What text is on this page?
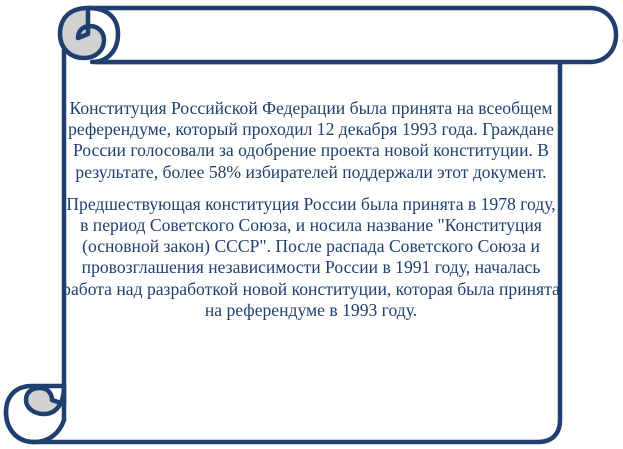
Конституция Российской Федерации была принята на всеобщем референдуме, который проходил 12 декабря 1993 года. Граждане России голосовали за одобрение проекта новой конституции. В результате, более 58% избирателей поддержали этот документ.

Предшествующая конституция России была принята в 1978 году, в период Советского Союза, и носила название "Конституция (основной закон) СССР". После распада Советского Союза и провозглашения независимости России в 1991 году, началась работа над разработкой новой конституции, которая была принята на референдуме в 1993 году.
